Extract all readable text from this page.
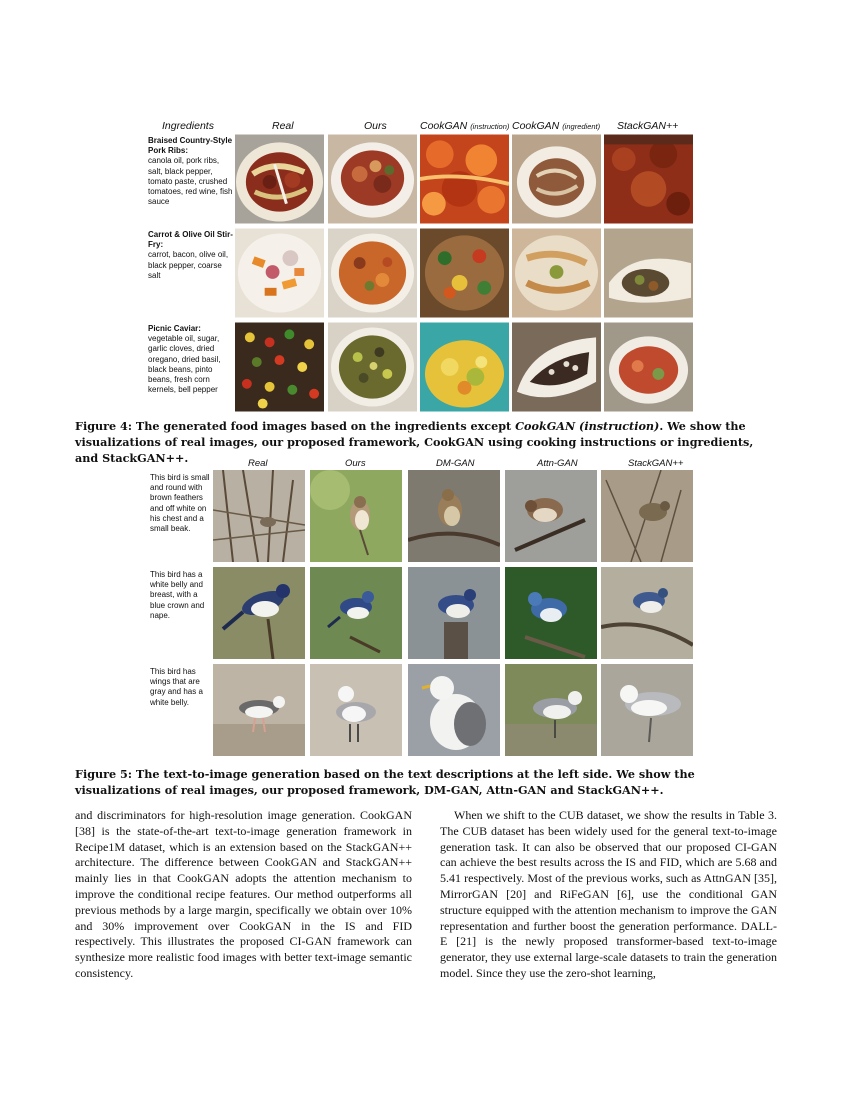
Ingredients	Real	Ours	CookGAN (instruction) CookGAN (ingredient) StackGAN++
Braised Country-Style Pork Ribs:
canola oil, pork ribs, salt, black pepper, tomato paste, crushed tomatoes, red wine, fish sauce
Carrot & Olive Oil Stir-Fry:
carrot, bacon, olive oil, black pepper, coarse salt
Picnic Caviar:
vegetable oil, sugar, garlic cloves, dried oregano, dried basil, black beans, pinto beans, fresh corn kernels, bell pepper
Figure 4: The generated food images based on the ingredients except CookGAN (instruction). We show the visualizations of real images, our proposed framework, CookGAN using cooking instructions or ingredients, and StackGAN++.	Real	Ours	DM-GAN	Attn-GAN	StackGAN++
This bird is small and round with brown feathers and off white on his chest and a small beak.
This bird has a white belly and breast, with a blue crown and nape.
This bird has wings that are gray and has a white belly.
Figure 5: The text-to-image generation based on the text descriptions at the left side. We show the visualizations of real images, our proposed framework, DM-GAN, Attn-GAN and StackGAN++.

and discriminators for high-resolution image generation. CookGAN [38] is the state-of-the-art text-to-image generation framework in Recipe1M dataset, which is an extension based on the StackGAN++ architecture. The difference between CookGAN and StackGAN++ mainly lies in that CookGAN adopts the attention mechanism to improve the conditional recipe features. Our method outperforms all previous methods by a large margin, specifically we obtain over 10% and 30% improvement over CookGAN in the IS and FID respectively. This illustrates the proposed CI-GAN framework can synthesize more realistic food images with better text-image semantic consistency.

When we shift to the CUB dataset, we show the results in Table 3. The CUB dataset has been widely used for the general text-to-image generation task. It can also be observed that our proposed CI-GAN can achieve the best results across the IS and FID, which are 5.68 and 5.41 respectively. Most of the previous works, such as AttnGAN [35], MirrorGAN [20] and RiFeGAN [6], use the conditional GAN structure equipped with the attention mechanism to improve the GAN representation and further boost the generation performance. DALL-E [21] is the newly proposed transformer-based text-to-image generator, they use external large-scale datasets to train the generation model. Since they use the zero-shot learning,
